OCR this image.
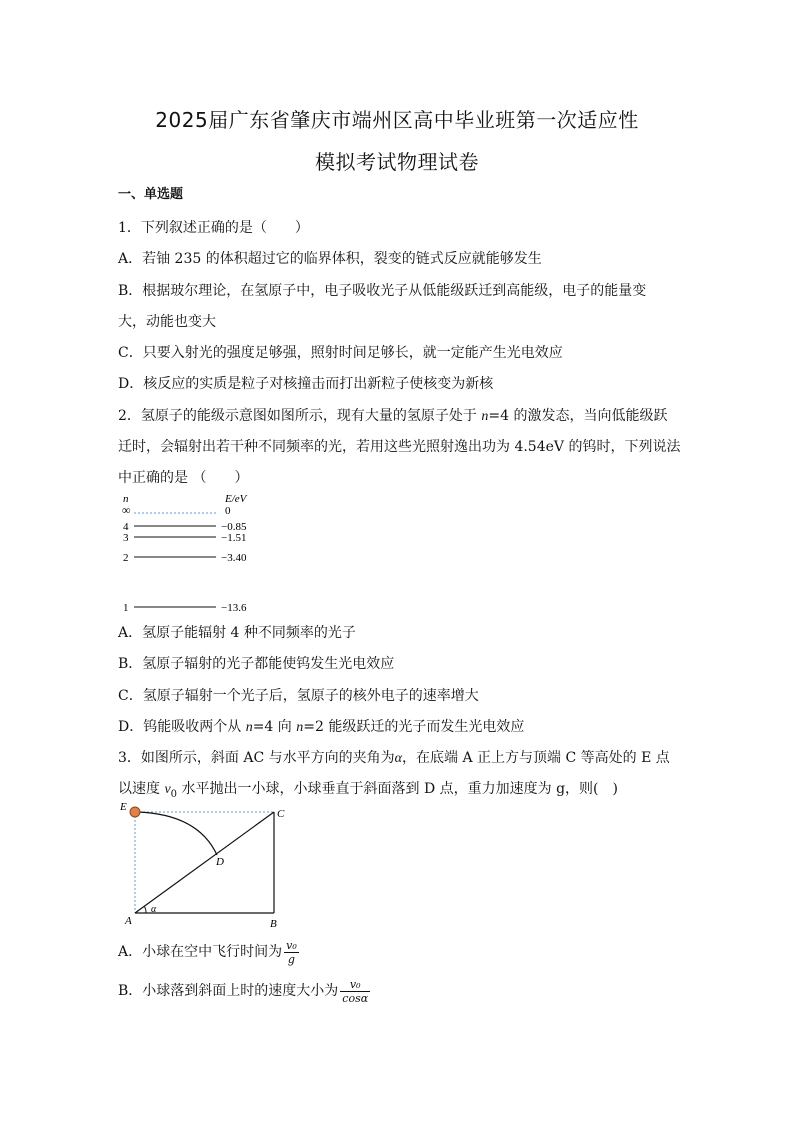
2025届广东省肇庆市端州区高中毕业班第一次适应性
模拟考试物理试卷
一、单选题
1．下列叙述正确的是（　　）
A．若铀 235 的体积超过它的临界体积，裂变的链式反应就能够发生
B．根据玻尔理论，在氢原子中，电子吸收光子从低能级跃迁到高能级，电子的能量变
大，动能也变大
C．只要入射光的强度足够强，照射时间足够长，就一定能产生光电效应
D．核反应的实质是粒子对核撞击而打出新粒子使核变为新核
2．氢原子的能级示意图如图所示，现有大量的氢原子处于 n=4 的激发态，当向低能级跃
迁时，会辐射出若干种不同频率的光，若用这些光照射逸出功为 4.54eV 的钨时，下列说法
中正确的是 （　　）
n	E/eV
∞	0
4	−0.85
3	−1.51
2	−3.40
1	−13.6
A．氢原子能辐射 4 种不同频率的光子
B．氢原子辐射的光子都能使钨发生光电效应
C．氢原子辐射一个光子后，氢原子的核外电子的速率增大
D．钨能吸收两个从 n=4 向 n=2 能级跃迁的光子而发生光电效应
3．如图所示，斜面 AC 与水平方向的夹角为α，在底端 A 正上方与顶端 C 等高处的 E 点
以速度 $v_0$ 水平抛出一小球，小球垂直于斜面落到 D 点，重力加速度为 g，则(　)
E
C
D
A	B
α
A．小球在空中飞行时间为 $\frac{\text{v₀}}{g}$
B．小球落到斜面上时的速度大小为 $\frac{\text{v₀}}{\cos\alpha}$
